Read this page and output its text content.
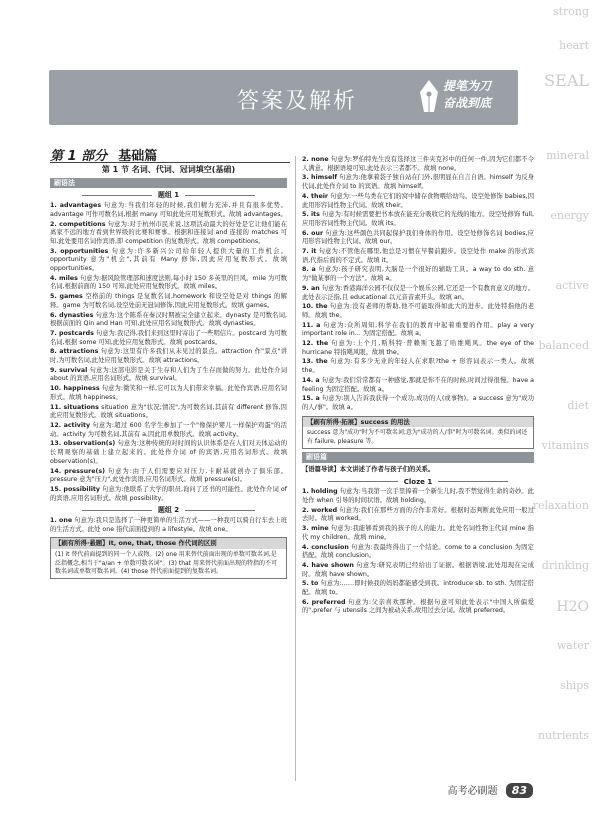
strong
heart
SEAL
mineral
energy
active
balanced
diet
vitamins
relaxation
drinking
H2O
water
ships
nutrients
答案及解析
提笔为刀
奋战到底
第 1 部分 基础篇
第 1 节 名词、代词、冠词填空(基础)
刷语法
题组 1
1. advantages 句意为:当我们年轻的时候,我们精力充沛,并且有很多优势。advantage 可作可数名词,根据 many 可知此处应用复数形式。故填 advantages。
2. competitions 句意为:对于杭州市民来说,这项活动最大的好处是它让他们能在离家不远的地方看到世界级的比赛和赛事。根据和连接词 and 连接的 matches 可知,此处要用名词作宾语,即 competition 的复数形式。故填 competitions。
3. opportunities 句意为:许多新兴公司给年轻人提供大量的工作机会。opportunity 意为"机会",其前有 Many 修饰,因此应用复数形式。故填 opportunities。
4. miles 句意为:据风险管理部和速度法则,每小时 150 多英里的巨风。mile 为可数名词,根据前面的 150 可知,此处应用复数形式。故填 miles。
5. games 空格前的 things 是复数名词,homework 和设空处是对 things 的解释。game 为可数名词,设空处前无冠词修饰,因此应用复数形式。故填 games。
6. dynasties 句意为:这个陈系在秦汉时期被完全建立起来。dynasty 是可数名词,根据前面的 Qin and Han 可知,此处应用名词复数形式。故填 dynasties。
7. postcards 句意为:我记得,我们来到这里时寄出了一些明信片。postcard 为可数名词,根据 some 可知,此处应用复数形式。故填 postcards。
8. attractions 句意为:这里有许多我们从未见过的景点。attraction 作"景点"讲时,为可数名词,此处应用复数形式。故填 attractions。
9. survival 句意为:这部电影是关于生存和人们为了生存而做的努力。此处作介词 about 的宾语,应用名词形式。故填 survival。
10. happiness 句意为:微笑和一样,它可以为人们带来幸福。此处作宾语,应用名词形式。故填 happiness。
11. situations situation 意为"状况;情况",为可数名词,其前有 different 修饰,因此应用复数形式。故填 situations。
12. activity 句意为:超过 600 名学生参加了一个"像保护婴儿一样保护鸡蛋"的活动。activity 为可数名词,其前有 a,因此用单数形式。故填 activity。
13. observation(s) 句意为:这种传统的对时间的认识体系是在人们对天体运动的长期观察的基础上建立起来的。此处作介词 of 的宾语,应用名词形式。故填 observation(s)。
14. pressure(s) 句意为:由于人们需要应对压力,卡耐基就创办了俱乐部。pressure 意为"压力",此处作宾语,应用名词形式。故填 pressure(s)。
15. possibility 句意为:他联系了大学的职员,询问了还书的可能性。此处作介词 of 的宾语,应用名词形式。故填 possibility。
题组 2
1. one 句意为:我只是选择了一种更简单的生活方式——一种我可以骑自行车去上班的生活方式。此处 one 指代前面提到的 a lifestyle。故填 one。
【刷有所得·悬题】it, one, that, those 作代词的区别
(1) it 替代前面提到的同一个人或物。(2) one 用来替代前面出现的单数可数名词,是泛指概念,相当于"a/an + 单数可数名词"。(3) that 用来替代前面出现的特指的不可数名词或单数可数名词。(4) those 替代前面提到的复数名词。
2. none 句意为:罗伯特先生没有选择这三件夹克衫中的任何一件,因为它们都不令人满意。根据语境可知,此处表示三者都不。故填 none。
3. himself 句意为:他拿着袋子独自站在门外,很明显在自言自语。himself 为反身代词,此处作介词 to 的宾语。故填 himself。
4. their 句意为:一些鸟类在它们的窝中储存食物喂给幼鸟。设空处修饰 babies,因此用形容词性物主代词。故填 their。
5. its 句意为:有时候需要把书本放在能充分吸收它的光线的地方。设空处修饰 full,应用形容词性物主代词。故填 its。
6. our 句意为:这些颜色共同起保护我们身体的作用。设空处修饰名词 bodies,应用形容词性物主代词。故填 our。
7. it 句意为:不管他在哪里,他总是习惯在早餐前跑步。设空处作 make 的形式宾语,代指后面的不定式。故填 it。
8. a 句意为:孩子研究表明,大脑是一个很好的辅助工具。a way to do sth. 意为"做某事的一个方法"。故填 a。
9. an 句意为:香港海洋公园不仅仅是一个娱乐公园,它还是一个有教育意义的地方。此处表示泛指,且 educational 以元音音素开头。故填 an。
10. the 句意为:没有老师的帮助,他不可能取得如此大的进步。此处特指他的老师。故填 the。
11. a 句意为:众所周知,科学在我们的教育中起着重要的作用。play a very important role in... 为固定搭配。故填 a。
12. the 句意为:上个月,斯科特·普赖斯飞越了哈维飓风。the eye of the hurricane 特指飓风眼。故填 the。
13. the 句意为:有多少无业的年轻人在求职?the + 形容词表示一类人。故填 the。
14. a 句意为:我们常常都有一种感觉,那就是你不在的时候,时间过得很慢。have a feeling 为固定搭配。故填 a。
15. a 句意为:别人告诉我获得一个成功,成功的人(或事物)。a success 意为"成功的人/事"。故填 a。
【刷有所得·拓展】success 的用法
success 意为"成功"时为不可数名词;意为"成功的人/事"时为可数名词。类似的词还有 failure, pleasure 等。
刷语篇
【语篇导读】本文讲述了作者与孩子们的关系。
Cloze 1
1. holding 句意为:当我第一次手里捧着一个新生儿时,我不禁觉得生命的奇妙。此处作 when 引导的时间状语。故填 holding。
2. worked 句意为:我们在那些方面的合作非常好。根据时态判断此处应用一般过去时。故填 worked。
3. mine 句意为:我能够看到我的孩子的人的能力。此处名词性物主代词 mine 指代 my children。故填 mine。
4. conclusion 句意为:我最终得出了一个结论。come to a conclusion 为固定搭配。故填 conclusion。
4. have shown 句意为:研究表明已经给出了证据。根据语境,此处用现在完成时。故填 have shown。
5. to 句意为:……即时候我的妈妈都能感受到我。introduce sb. to sth. 为固定搭配。故填 to。
6. preferred 句意为:父亲喜欢那种。根据句意可知此处表示"中国人所偏爱的",prefer 与 utensils 之间为被动关系,故用过去分词。故填 preferred。
高考必刷题 83
